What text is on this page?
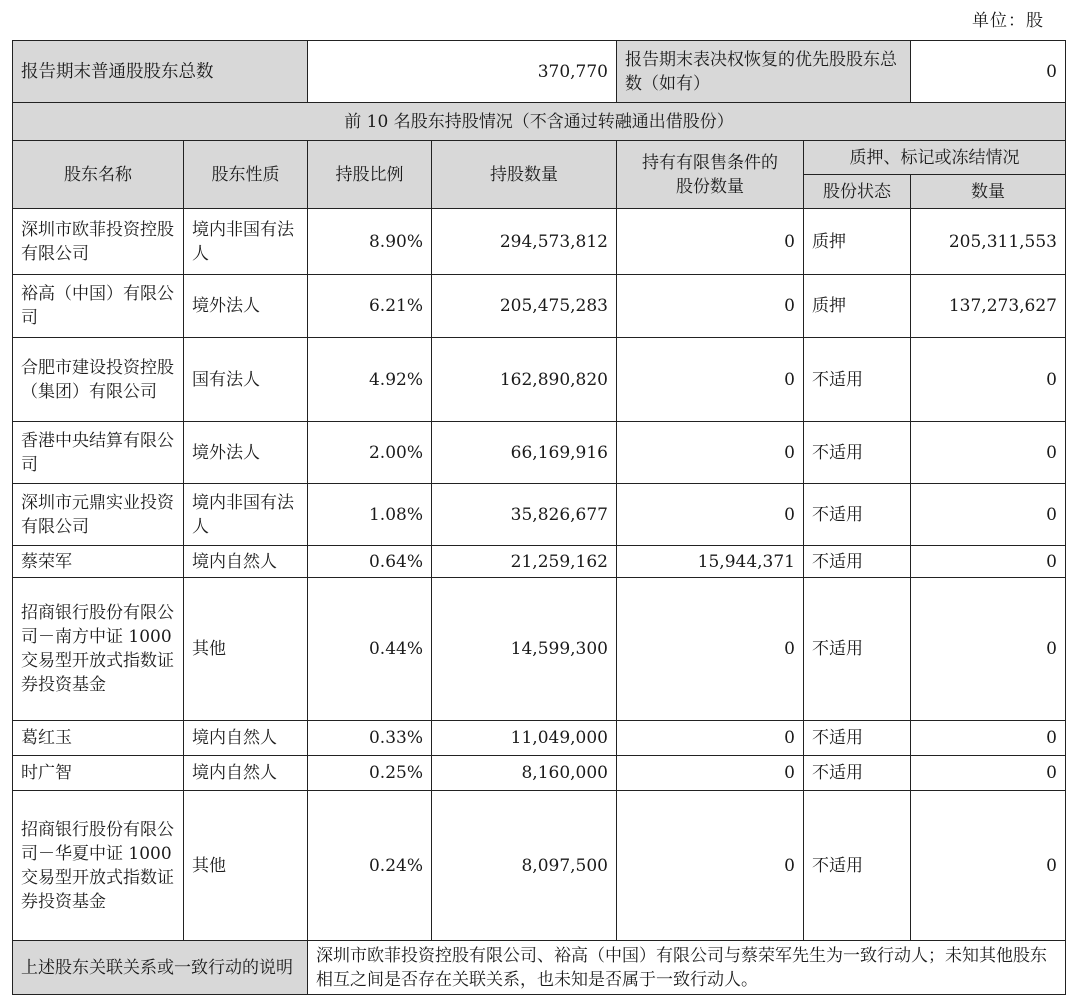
单位：股
报告期末普通股股东总数		370,770		报告期末表决权恢复的优先股股东总数（如有）		0
前 10 名股东持股情况（不含通过转融通出借股份）						
股东名称	股东性质	持股比例	持股数量	持有有限售条件的股份数量	质押、标记或冻结情况	
					股份状态	数量
深圳市欧菲投资控股有限公司	境内非国有法人	8.90%	294,573,812	0	质押	205,311,553
裕高（中国）有限公司	境外法人	6.21%	205,475,283	0	质押	137,273,627
合肥市建设投资控股（集团）有限公司	国有法人	4.92%	162,890,820	0	不适用	0
香港中央结算有限公司	境外法人	2.00%	66,169,916	0	不适用	0
深圳市元鼎实业投资有限公司	境内非国有法人	1.08%	35,826,677	0	不适用	0
蔡荣军	境内自然人	0.64%	21,259,162	15,944,371	不适用	0
招商银行股份有限公司－南方中证 1000 交易型开放式指数证券投资基金	其他	0.44%	14,599,300	0	不适用	0
葛红玉	境内自然人	0.33%	11,049,000	0	不适用	0
时广智	境内自然人	0.25%	8,160,000	0	不适用	0
招商银行股份有限公司－华夏中证 1000 交易型开放式指数证券投资基金	其他	0.24%	8,097,500	0	不适用	0
上述股东关联关系或一致行动的说明		深圳市欧菲投资控股有限公司、裕高（中国）有限公司与蔡荣军先生为一致行动人；未知其他股东相互之间是否存在关联关系，也未知是否属于一致行动人。				
